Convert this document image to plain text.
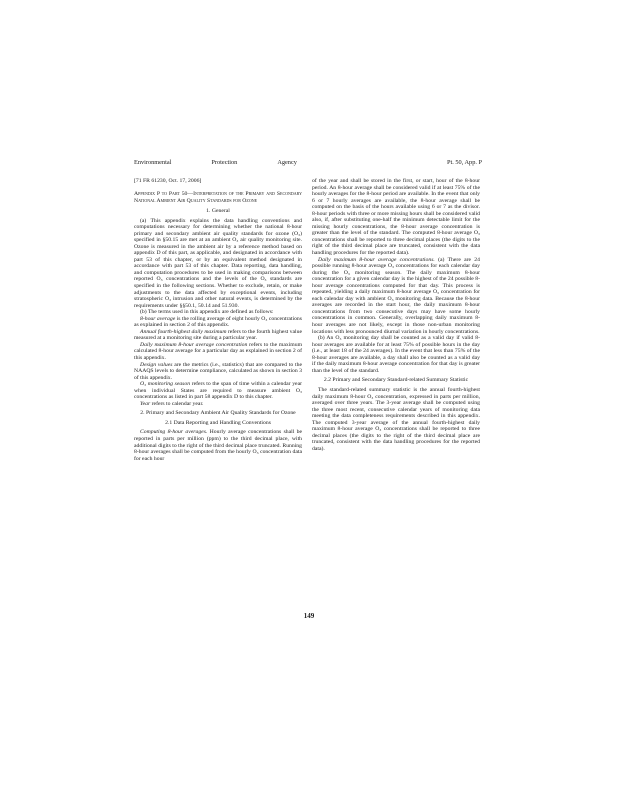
Environmental	Protection	Agency	Pt. 50, App. P

[71 FR 61230, Oct. 17, 2006]

Appendix P to Part 50—Interpretation of the Primary and Secondary National Ambient Air Quality Standards for Ozone

1. General

(a) This appendix explains the data handling conventions and computations necessary for determining whether the national 8-hour primary and secondary ambient air quality standards for ozone (O₃) specified in §50.15 are met at an ambient O₃ air quality monitoring site. Ozone is measured in the ambient air by a reference method based on appendix D of this part, as applicable, and designated in accordance with part 53 of this chapter, or by an equivalent method designated in accordance with part 53 of this chapter. Data reporting, data handling, and computation procedures to be used in making comparisons between reported O₃ concentrations and the levels of the O₃ standards are specified in the following sections. Whether to exclude, retain, or make adjustments to the data affected by exceptional events, including stratospheric O₃ intrusion and other natural events, is determined by the requirements under §§50.1, 50.14 and 51.930.

(b) The terms used in this appendix are defined as follows:

8-hour average is the rolling average of eight hourly O₃ concentrations as explained in section 2 of this appendix.

Annual fourth-highest daily maximum refers to the fourth highest value measured at a monitoring site during a particular year.

Daily maximum 8-hour average concentration refers to the maximum calculated 8-hour average for a particular day as explained in section 2 of this appendix.

Design values are the metrics (i.e., statistics) that are compared to the NAAQS levels to determine compliance, calculated as shown in section 3 of this appendix.

O₃ monitoring season refers to the span of time within a calendar year when individual States are required to measure ambient O₃ concentrations as listed in part 58 appendix D to this chapter.

Year refers to calendar year.

2. Primary and Secondary Ambient Air Quality Standards for Ozone

2.1 Data Reporting and Handling Conventions

Computing 8-hour averages. Hourly average concentrations shall be reported in parts per million (ppm) to the third decimal place, with additional digits to the right of the third decimal place truncated. Running 8-hour averages shall be computed from the hourly O₃ concentration data for each hour

of the year and shall be stored in the first, or start, hour of the 8-hour period. An 8-hour average shall be considered valid if at least 75% of the hourly averages for the 8-hour period are available. In the event that only 6 or 7 hourly averages are available, the 8-hour average shall be computed on the basis of the hours available using 6 or 7 as the divisor. 8-hour periods with three or more missing hours shall be considered valid also, if, after substituting one-half the minimum detectable limit for the missing hourly concentrations, the 8-hour average concentration is greater than the level of the standard. The computed 8-hour average O₃ concentrations shall be reported to three decimal places (the digits to the right of the third decimal place are truncated, consistent with the data handling procedures for the reported data).

Daily maximum 8-hour average concentrations. (a) There are 24 possible running 8-hour average O₃ concentrations for each calendar day during the O₃ monitoring season. The daily maximum 8-hour concentration for a given calendar day is the highest of the 24 possible 8-hour average concentrations computed for that day. This process is repeated, yielding a daily maximum 8-hour average O₃ concentration for each calendar day with ambient O₃ monitoring data. Because the 8-hour averages are recorded in the start hour, the daily maximum 8-hour concentrations from two consecutive days may have some hourly concentrations in common. Generally, overlapping daily maximum 8-hour averages are not likely, except in those non-urban monitoring locations with less pronounced diurnal variation in hourly concentrations.

(b) An O₃ monitoring day shall be counted as a valid day if valid 8-hour averages are available for at least 75% of possible hours in the day (i.e., at least 18 of the 24 averages). In the event that less than 75% of the 8-hour averages are available, a day shall also be counted as a valid day if the daily maximum 8-hour average concentration for that day is greater than the level of the standard.

2.2 Primary and Secondary Standard-related Summary Statistic

The standard-related summary statistic is the annual fourth-highest daily maximum 8-hour O₃ concentration, expressed in parts per million, averaged over three years. The 3-year average shall be computed using the three most recent, consecutive calendar years of monitoring data meeting the data completeness requirements described in this appendix. The computed 3-year average of the annual fourth-highest daily maximum 8-hour average O₃ concentrations shall be reported to three decimal places (the digits to the right of the third decimal place are truncated, consistent with the data handling procedures for the reported data).

149
